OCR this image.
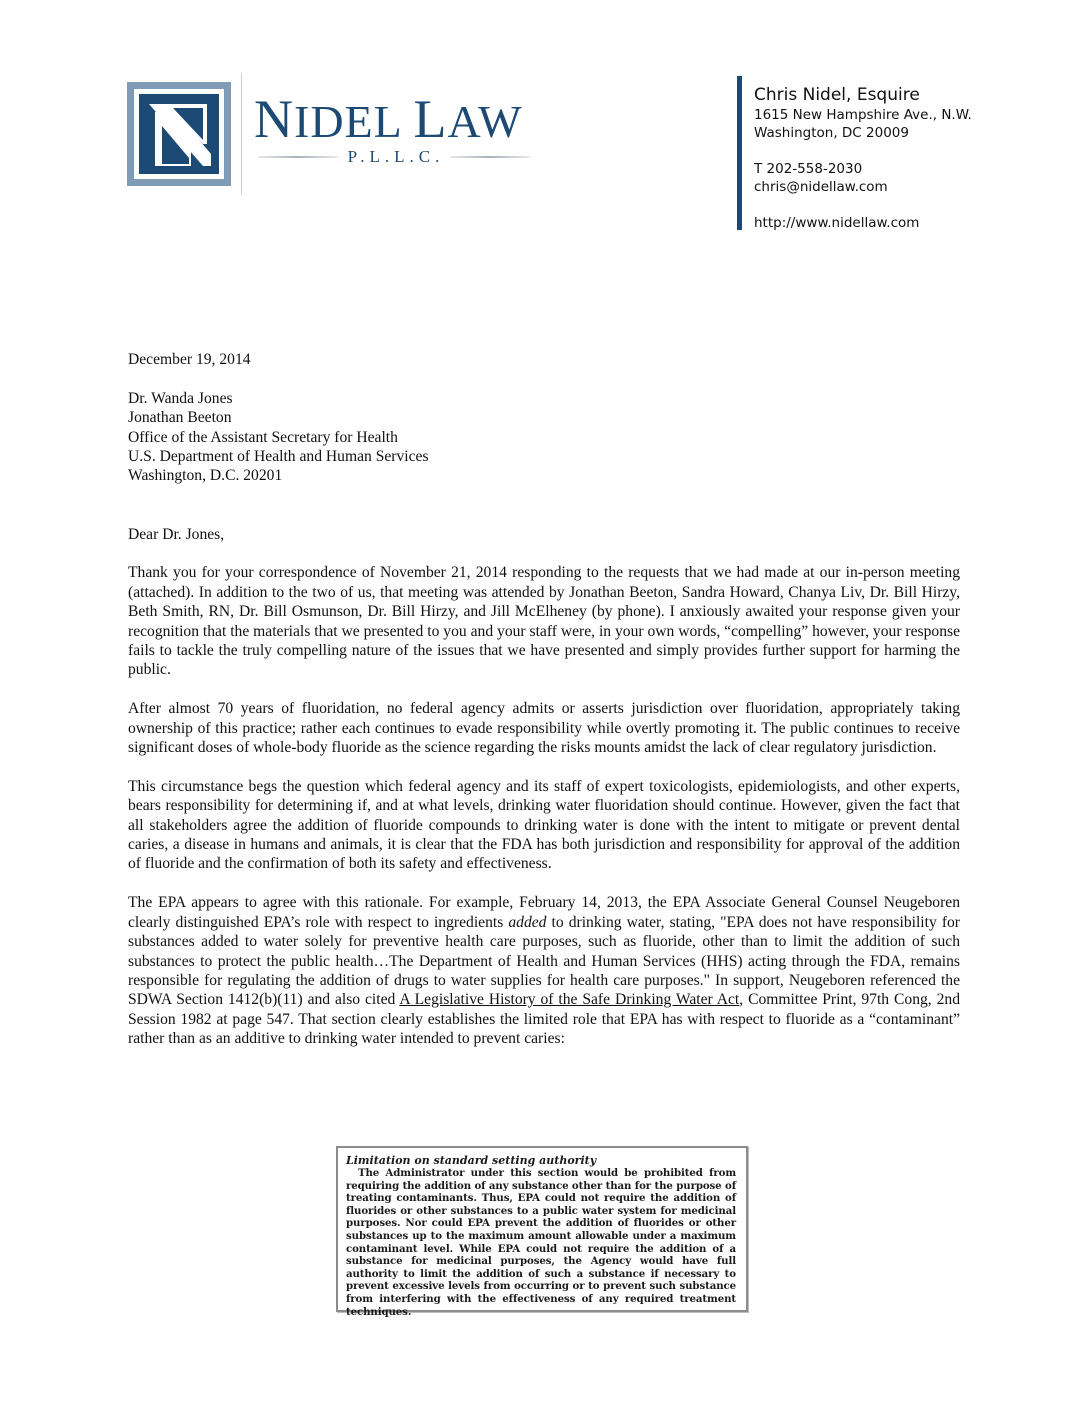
NIDEL LAW
P.L.L.C.
Chris Nidel, Esquire
1615 New Hampshire Ave., N.W.
Washington, DC 20009
T 202-558-2030
chris@nidellaw.com
http://www.nidellaw.com

December 19, 2014

Dr. Wanda Jones

Jonathan Beeton

Office of the Assistant Secretary for Health

U.S. Department of Health and Human Services

Washington, D.C. 20201

Dear Dr. Jones,

Thank you for your correspondence of November 21, 2014 responding to the requests that we had made at our in-person meeting (attached). In addition to the two of us, that meeting was attended by Jonathan Beeton, Sandra Howard, Chanya Liv, Dr. Bill Hirzy, Beth Smith, RN, Dr. Bill Osmunson, Dr. Bill Hirzy, and Jill McElheney (by phone). I anxiously awaited your response given your recognition that the materials that we presented to you and your staff were, in your own words, “compelling” however, your response fails to tackle the truly compelling nature of the issues that we have presented and simply provides further support for harming the public.

After almost 70 years of fluoridation, no federal agency admits or asserts jurisdiction over fluoridation, appropriately taking ownership of this practice; rather each continues to evade responsibility while overtly promoting it. The public continues to receive significant doses of whole-body fluoride as the science regarding the risks mounts amidst the lack of clear regulatory jurisdiction.

This circumstance begs the question which federal agency and its staff of expert toxicologists, epidemiologists, and other experts, bears responsibility for determining if, and at what levels, drinking water fluoridation should continue. However, given the fact that all stakeholders agree the addition of fluoride compounds to drinking water is done with the intent to mitigate or prevent dental caries, a disease in humans and animals, it is clear that the FDA has both jurisdiction and responsibility for approval of the addition of fluoride and the confirmation of both its safety and effectiveness.

The EPA appears to agree with this rationale. For example, February 14, 2013, the EPA Associate General Counsel Neugeboren clearly distinguished EPA’s role with respect to ingredients added to drinking water, stating, "EPA does not have responsibility for substances added to water solely for preventive health care purposes, such as fluoride, other than to limit the addition of such substances to protect the public health…The Department of Health and Human Services (HHS) acting through the FDA, remains responsible for regulating the addition of drugs to water supplies for health care purposes." In support, Neugeboren referenced the SDWA Section 1412(b)(11) and also cited A Legislative History of the Safe Drinking Water Act, Committee Print, 97th Cong, 2nd Session 1982 at page 547. That section clearly establishes the limited role that EPA has with respect to fluoride as a “contaminant” rather than as an additive to drinking water intended to prevent caries:

Limitation on standard setting authority
The Administrator under this section would be prohibited from requiring the addition of any substance other than for the purpose of treating contaminants. Thus, EPA could not require the addition of fluorides or other substances to a public water system for medicinal purposes. Nor could EPA prevent the addition of fluorides or other substances up to the maximum amount allowable under a maximum contaminant level. While EPA could not require the addition of a substance for medicinal purposes, the Agency would have full authority to limit the addition of such a substance if necessary to prevent excessive levels from occurring or to prevent such substance from interfering with the effectiveness of any required treatment techniques.
